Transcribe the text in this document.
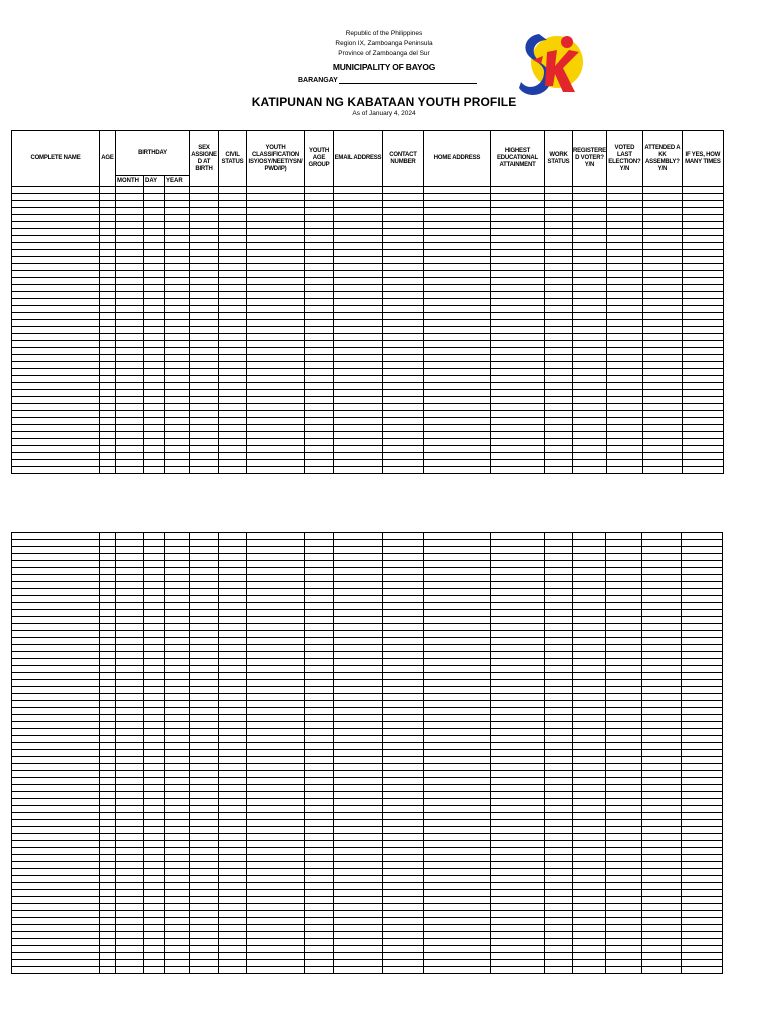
Republic of the Philippines
Region IX, Zamboanga Peninsula
Province of Zamboanga del Sur
MUNICIPALITY OF BAYOG
BARANGAY
KATIPUNAN NG KABATAAN YOUTH PROFILE
As of January 4, 2024
COMPLETE NAME	AGE	BIRTHDAY			SEX ASSIGNE D AT BIRTH	CIVIL STATUS	YOUTH CLASSIFICATION ISY/OSY/NEET/YSN/ PWD/IP)	YOUTH AGE GROUP	EMAIL ADDRESS	CONTACT NUMBER	HOME ADDRESS	HIGHEST EDUCATIONAL ATTAINMENT	WORK STATUS	REGISTERE D VOTER? Y/N	VOTED LAST ELECTION? Y/N	ATTENDED A KK ASSEMBLY? Y/N	IF YES, HOW MANY TIMES
		MONTH	DAY	YEAR													
